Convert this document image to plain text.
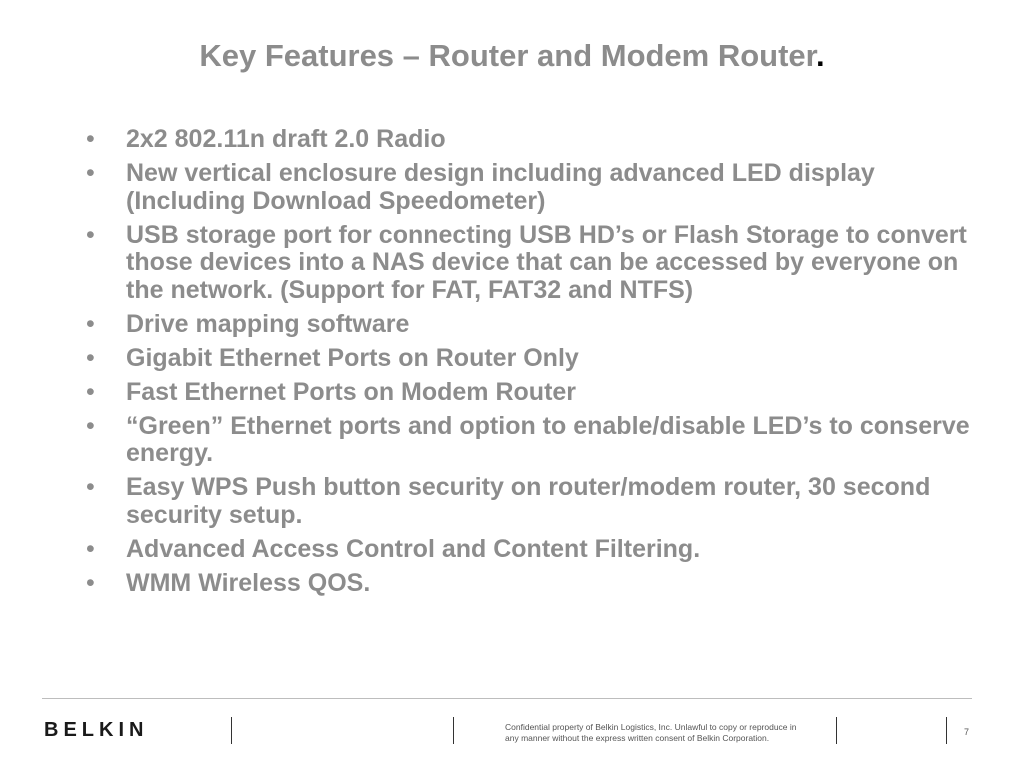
Key Features – Router and Modem Router.
• 2x2 802.11n draft 2.0 Radio
• New vertical enclosure design including advanced LED display (Including Download Speedometer)
• USB storage port for connecting USB HD’s or Flash Storage to convert those devices into a NAS device that can be accessed by everyone on the network. (Support for FAT, FAT32 and NTFS)
• Drive mapping software
• Gigabit Ethernet Ports on Router Only
• Fast Ethernet Ports on Modem Router
• “Green” Ethernet ports and option to enable/disable LED’s to conserve energy.
• Easy WPS Push button security on router/modem router, 30 second security setup.
• Advanced Access Control and Content Filtering.
• WMM Wireless QOS.
BELKIN	Confidential property of Belkin Logistics, Inc. Unlawful to copy or reproduce in
any manner without the express written consent of Belkin Corporation.
7
